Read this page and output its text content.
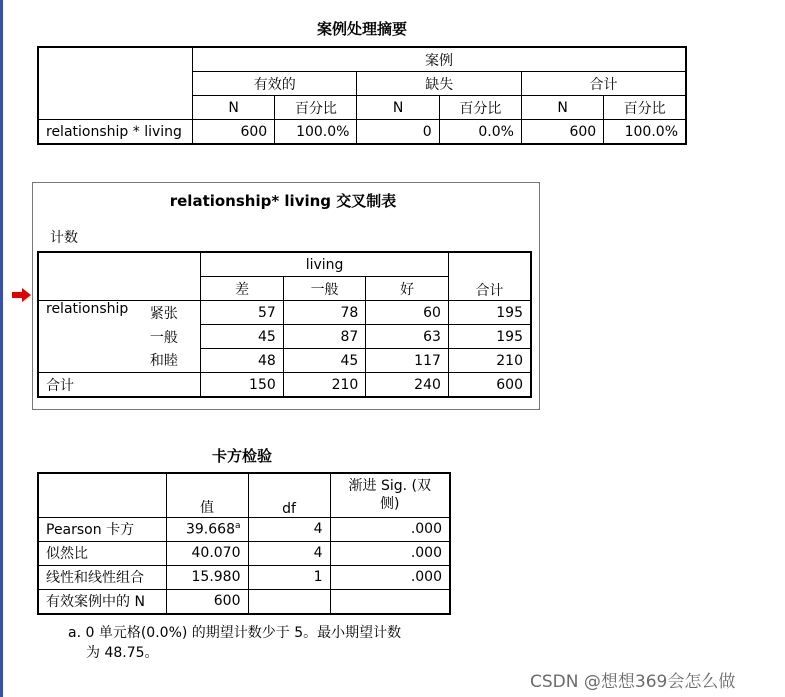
案例处理摘要
	案例					
	有效的		缺失		合计	
	N	百分比	N	百分比	N	百分比
relationship * living	600	100.0%	0	0.0%	600	100.0%
relationship* living 交叉制表
计数
		living			合计
		差	一般	好	
relationship	紧张	57	78	60	195
	一般	45	87	63	195
	和睦	48	45	117	210
合计		150	210	240	600
卡方检验
	值	df	渐进 Sig. (双侧)
Pearson 卡方	39.668$^a$	4	.000
似然比	40.070	4	.000
线性和线性组合	15.980	1	.000
有效案例中的 N	600		
a. 0 单元格(0.0%) 的期望计数少于 5。最小期望计数
为 48.75。
CSDN @想想369会怎么做
